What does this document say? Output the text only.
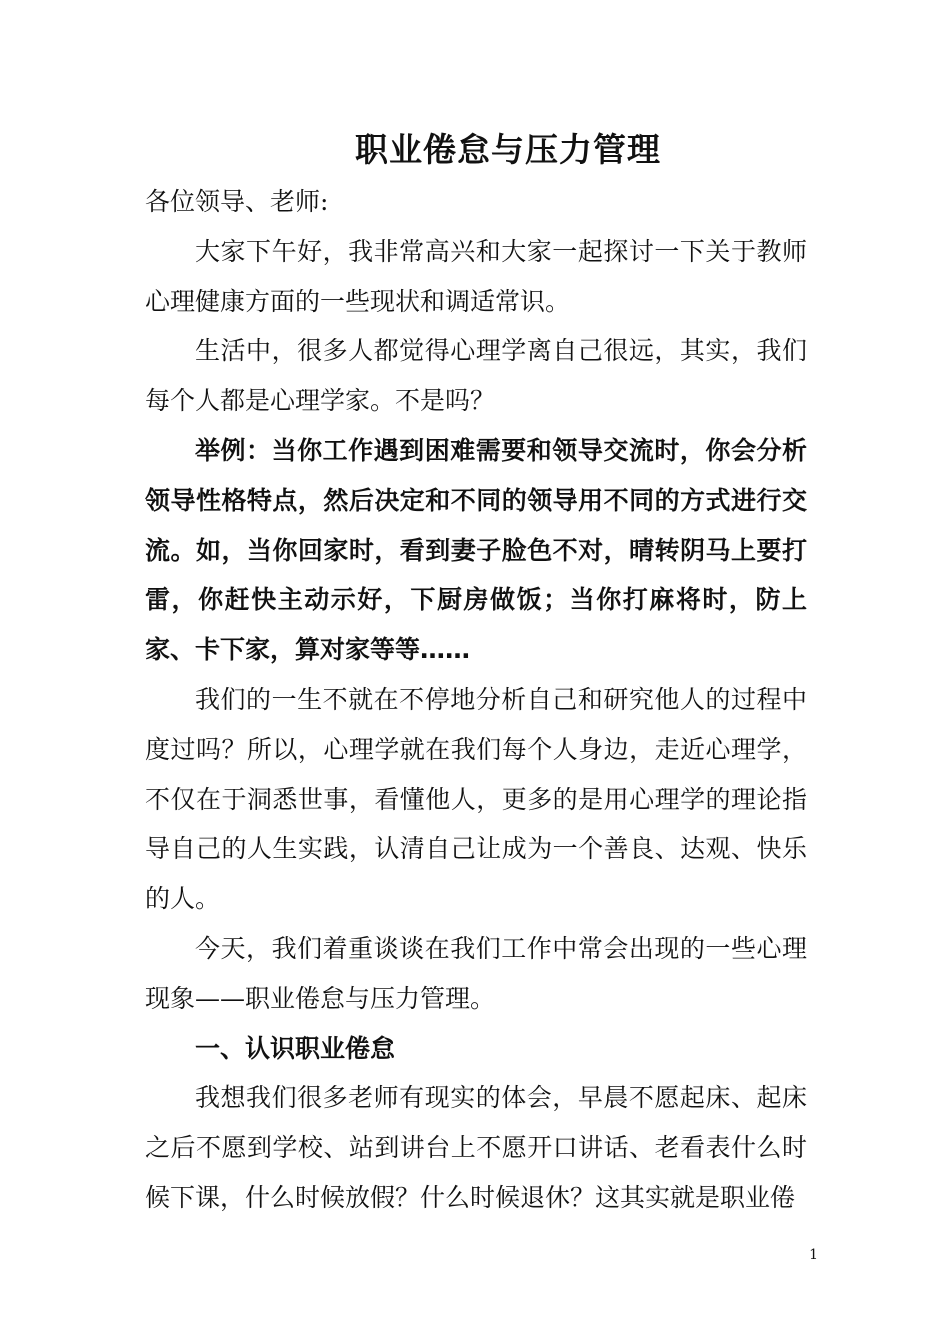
职业倦怠与压力管理

各位领导、老师:

大家下午好，我非常高兴和大家一起探讨一下关于教师心理健康方面的一些现状和调适常识。

生活中，很多人都觉得心理学离自己很远，其实，我们每个人都是心理学家。不是吗？

举例：当你工作遇到困难需要和领导交流时，你会分析领导性格特点，然后决定和不同的领导用不同的方式进行交流。如，当你回家时，看到妻子脸色不对，晴转阴马上要打雷，你赶快主动示好，下厨房做饭；当你打麻将时，防上家、卡下家，算对家等等……

我们的一生不就在不停地分析自己和研究他人的过程中度过吗？所以，心理学就在我们每个人身边，走近心理学，不仅在于洞悉世事，看懂他人，更多的是用心理学的理论指导自己的人生实践，认清自己让成为一个善良、达观、快乐的人。

今天，我们着重谈谈在我们工作中常会出现的一些心理现象——职业倦怠与压力管理。

一、认识职业倦怠

我想我们很多老师有现实的体会，早晨不愿起床、起床之后不愿到学校、站到讲台上不愿开口讲话、老看表什么时候下课，什么时候放假？什么时候退休？这其实就是职业倦

1
